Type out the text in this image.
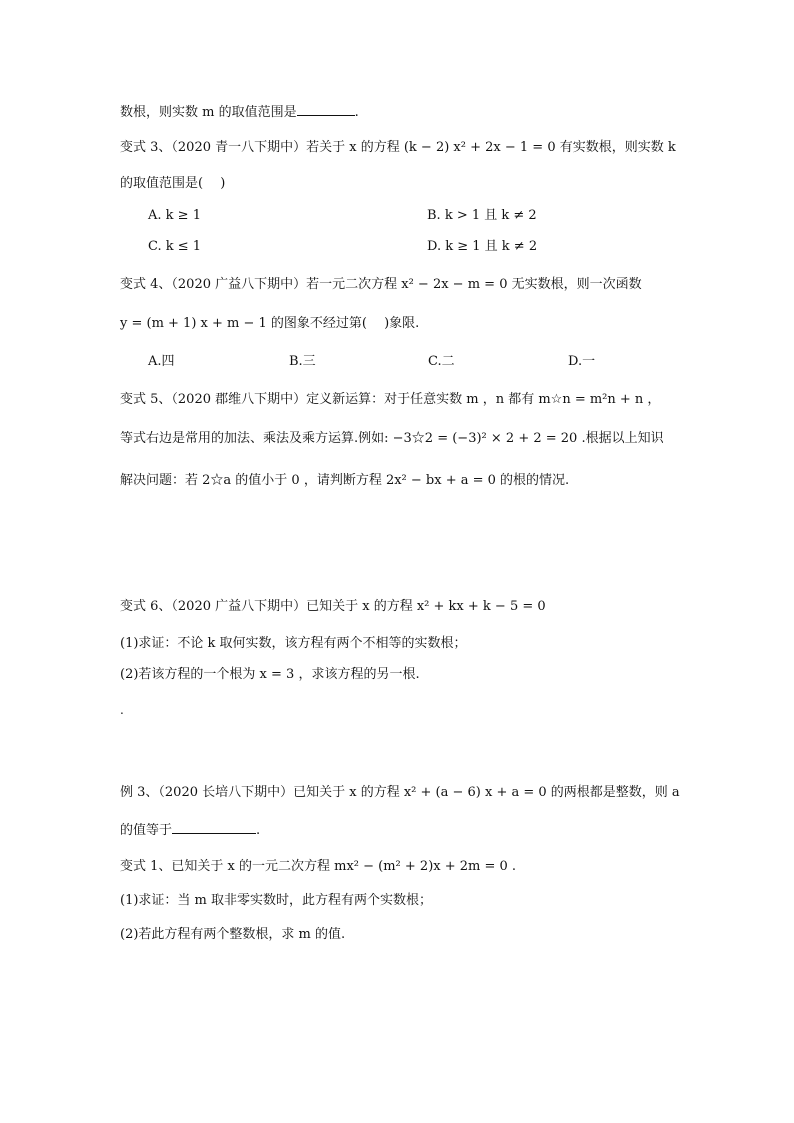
数根，则实数 m 的取值范围是	.
变式 3、（2020 青一八下期中）若关于 x 的方程 (k − 2) x² + 2x − 1 = 0 有实数根，则实数 k
的取值范围是(　 )
A. k ≥ 1	B. k > 1 且 k ≠ 2
C. k ≤ 1	D. k ≥ 1 且 k ≠ 2
变式 4、（2020 广益八下期中）若一元二次方程 x² − 2x − m = 0 无实数根，则一次函数
y = (m + 1) x + m − 1 的图象不经过第(　 )象限.
A.四	B.三	C.二	D.一
变式 5、（2020 郡维八下期中）定义新运算：对于任意实数 m ，n 都有 m☆n = m²n + n ，
等式右边是常用的加法、乘法及乘方运算.例如: −3☆2 = (−3)² × 2 + 2 = 20 .根据以上知识
解决问题：若 2☆a 的值小于 0 ，请判断方程 2x² − bx + a = 0 的根的情况.
变式 6、（2020 广益八下期中）已知关于 x 的方程 x² + kx + k − 5 = 0
(1)求证：不论 k 取何实数，该方程有两个不相等的实数根；
(2)若该方程的一个根为 x = 3 ，求该方程的另一根.
.
例 3、（2020 长培八下期中）已知关于 x 的方程 x² + (a − 6) x + a = 0 的两根都是整数，则 a
的值等于	.
变式 1、已知关于 x 的一元二次方程 mx² − (m² + 2)x + 2m = 0 .
(1)求证：当 m 取非零实数时，此方程有两个实数根；
(2)若此方程有两个整数根，求 m 的值.
